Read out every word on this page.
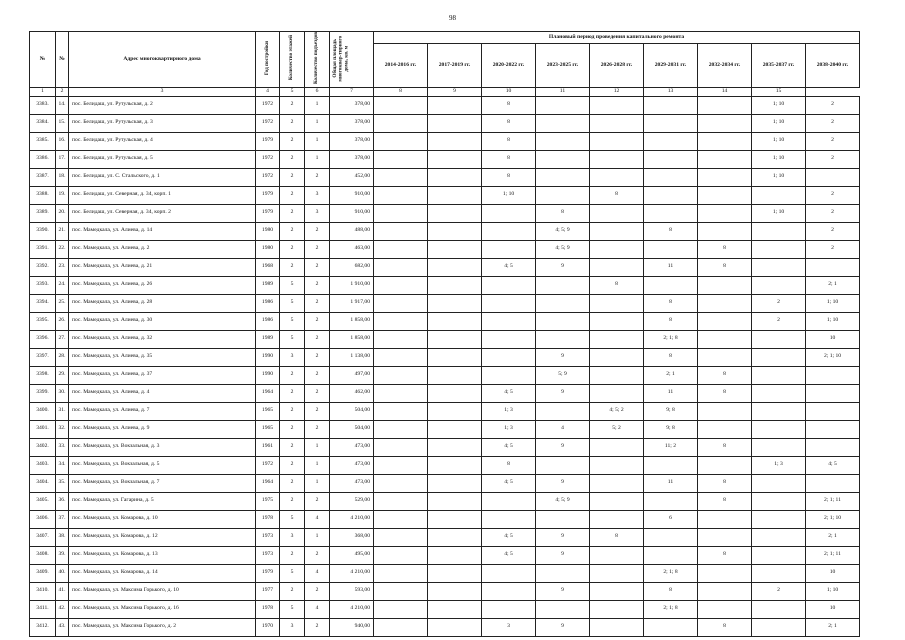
98
№	№	Адрес многоквартирного дома	Год постройки	Количество этажей	Количество подъездов	Общая площадь многоквар-тирного дома, кв. м	Плановый период проведения капитального ремонта								
							2014-2016 гг.	2017-2019 гг.	2020-2022 гг.	2023-2025 гг.	2026-2028 гг.	2029-2031 гг.	2032-2034 гг.	2035-2037 гг.	2038-2040 гг.
1	2	3	4	5	6	7	8	9	10	11	12	13	14	15	
3383.	14.	пос. Белидаш, ул. Рутульская, д. 2	1972	2	1	378,00			8					1; 10	2
3384.	15.	пос. Белидаш, ул. Рутульская, д. 3	1972	2	1	378,00			8					1; 10	2
3385.	16.	пос. Белидаш, ул. Рутульская, д. 4	1979	2	1	378,00			8					1; 10	2
3386.	17.	пос. Белидаш, ул. Рутульская, д. 5	1972	2	1	378,00			8					1; 10	2
3387.	18.	пос. Белидаш, ул. С. Стальского, д. 1	1972	2	2	452,00			8					1; 10	
3388.	19.	пос. Белидаш, ул. Северная, д. 34, корп. 1	1979	2	3	910,00			1; 10		8				2
3389.	20.	пос. Белидаш, ул. Северная, д. 34, корп. 2	1979	2	3	910,00				8				1; 10	2
3390.	21.	пос. Мамедкала, ул. Алиева, д. 14	1980	2	2	488,00				4; 5; 9		8			2
3391.	22.	пос. Мамедкала, ул. Алиева, д. 2	1980	2	2	463,00				4; 5; 9			8		2
3392.	23.	пос. Мамедкала, ул. Алиева, д. 21	1968	2	2	682,00			4; 5	9		11	8		
3393.	24.	пос. Мамедкала, ул. Алиева, д. 26	1989	5	2	1 910,00					8				2; 1
3394.	25.	пос. Мамедкала, ул. Алиева, д. 28	1986	5	2	1 917,00						8		2	1; 10
3395.	26.	пос. Мамедкала, ул. Алиева, д. 30	1986	5	2	1 858,00						8		2	1; 10
3396.	27.	пос. Мамедкала, ул. Алиева, д. 32	1989	5	2	1 858,00						2; 1; 8			10
3397.	28.	пос. Мамедкала, ул. Алиева, д. 35	1990	3	2	1 138,00				9		8			2; 1; 10
3398.	29.	пос. Мамедкала, ул. Алиева, д. 37	1990	2	2	497,00				5; 9		2; 1	8		
3399.	30.	пос. Мамедкала, ул. Алиева, д. 4	1964	2	2	462,00			4; 5	9		11	8		
3400.	31.	пос. Мамедкала, ул. Алиева, д. 7	1965	2	2	504,00			1; 3		4; 5; 2	9; 8			
3401.	32.	пос. Мамедкала, ул. Алиева, д. 9	1965	2	2	504,00			1; 3	4	5; 2	9; 8			
3402.	33.	пос. Мамедкала, ул. Вокзальная, д. 3	1961	2	1	473,00			4; 5	9		11; 2	8		
3403.	34.	пос. Мамедкала, ул. Вокзальная, д. 5	1972	2	1	473,00			8					1; 3	4; 5
3404.	35.	пос. Мамедкала, ул. Вокзальная, д. 7	1964	2	1	473,00			4; 5	9		11	8		
3405.	36.	пос. Мамедкала, ул. Гагарина, д. 5	1975	2	2	529,00				4; 5; 9			8		2; 1; 11
3406.	37.	пос. Мамедкала, ул. Комарова, д. 10	1978	5	4	4 210,00						6			2; 1; 10
3407.	38.	пос. Мамедкала, ул. Комарова, д. 12	1973	3	1	368,00			4; 5	9	8				2; 1
3408.	39.	пос. Мамедкала, ул. Комарова, д. 13	1973	2	2	495,00			4; 5	9			8		2; 1; 11
3409.	40.	пос. Мамедкала, ул. Комарова, д. 14	1979	5	4	4 210,00						2; 1; 8			10
3410.	41.	пос. Мамедкала, ул. Максима Горького, д. 10	1977	2	2	593,00				9		8		2	1; 10
3411.	42.	пос. Мамедкала, ул. Максима Горького, д. 16	1978	5	4	4 210,00						2; 1; 8			10
3412.	43.	пос. Мамедкала, ул. Максима Горького, д. 2	1970	3	2	940,00			3	9			8		2; 1
